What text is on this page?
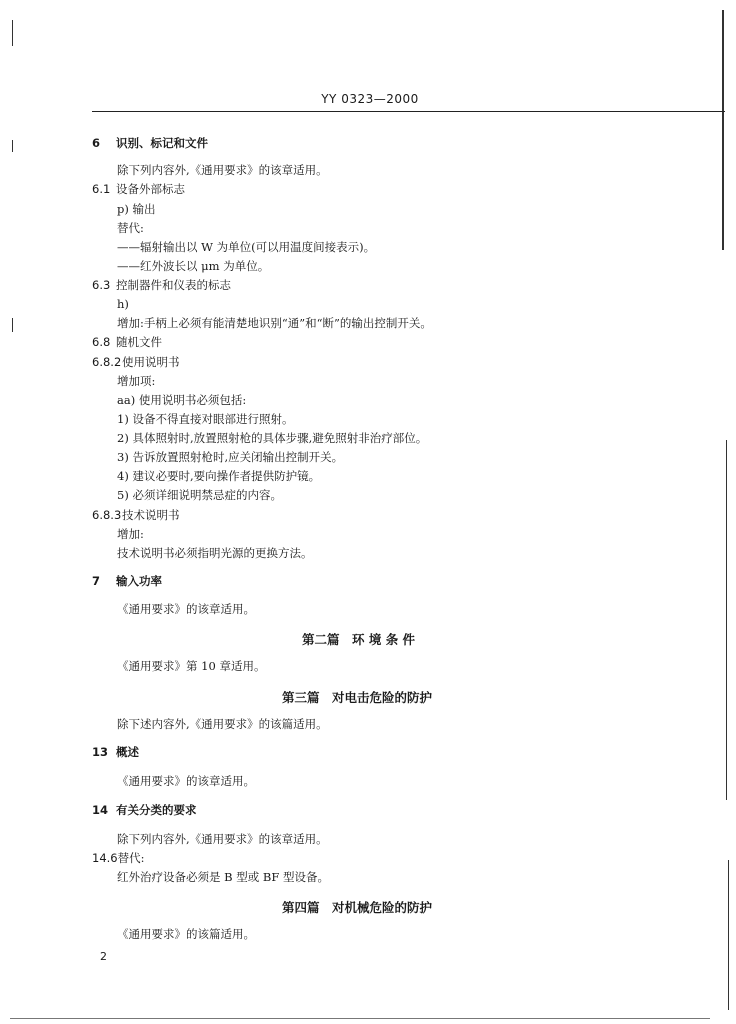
YY 0323—2000
6 识别、标记和文件
除下列内容外,《通用要求》的该章适用。
6.1 设备外部标志
p) 输出
替代:
——辐射输出以 W 为单位(可以用温度间接表示)。
——红外波长以 μm 为单位。
6.3 控制器件和仪表的标志
h)
增加:手柄上必须有能清楚地识别“通”和“断”的输出控制开关。
6.8 随机文件
6.8.2使用说明书
增加项:
aa) 使用说明书必须包括:
1) 设备不得直接对眼部进行照射。
2) 具体照射时,放置照射枪的具体步骤,避免照射非治疗部位。
3) 告诉放置照射枪时,应关闭输出控制开关。
4) 建议必要时,要向操作者提供防护镜。
5) 必须详细说明禁忌症的内容。
6.8.3技术说明书
增加:
技术说明书必须指明光源的更换方法。
7 输入功率
《通用要求》的该章适用。
第二篇　环 境 条 件
《通用要求》第 10 章适用。
第三篇　对电击危险的防护
除下述内容外,《通用要求》的该篇适用。
13 概述
《通用要求》的该章适用。
14 有关分类的要求
除下列内容外,《通用要求》的该章适用。
14.6替代:
红外治疗设备必须是 B 型或 BF 型设备。
第四篇　对机械危险的防护
《通用要求》的该篇适用。
2
